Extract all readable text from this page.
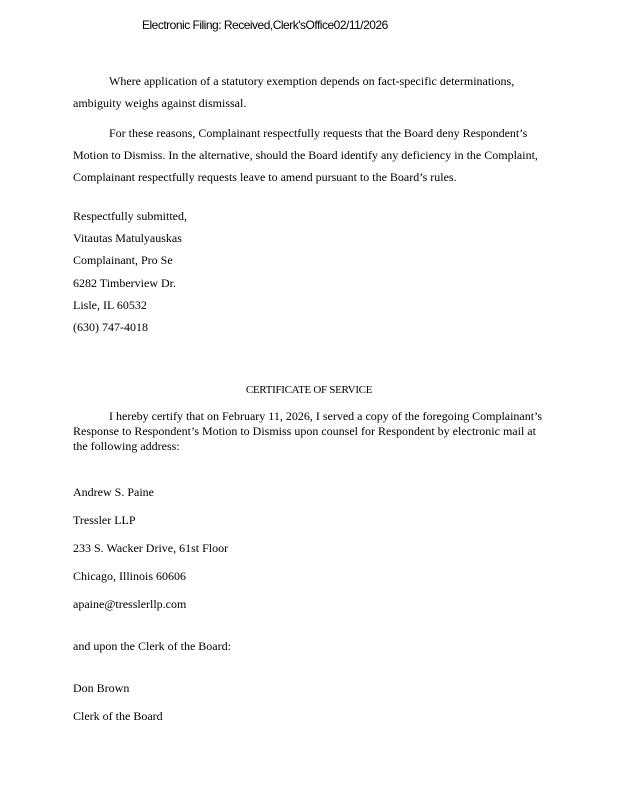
Electronic Filing: Received,Clerk'sOffice02/11/2026

Where application of a statutory exemption depends on fact-specific determinations, ambiguity weighs against dismissal.

For these reasons, Complainant respectfully requests that the Board deny Respondent’s Motion to Dismiss. In the alternative, should the Board identify any deficiency in the Complaint, Complainant respectfully requests leave to amend pursuant to the Board’s rules.

Respectfully submitted,

Vitautas Matulyauskas

Complainant, Pro Se

6282 Timberview Dr.

Lisle, IL 60532

(630) 747-4018

CERTIFICATE OF SERVICE

I hereby certify that on February 11, 2026, I served a copy of the foregoing Complainant’s Response to Respondent’s Motion to Dismiss upon counsel for Respondent by electronic mail at the following address:

Andrew S. Paine

Tressler LLP

233 S. Wacker Drive, 61st Floor

Chicago, Illinois 60606

apaine@tresslerllp.com

and upon the Clerk of the Board:

Don Brown

Clerk of the Board
